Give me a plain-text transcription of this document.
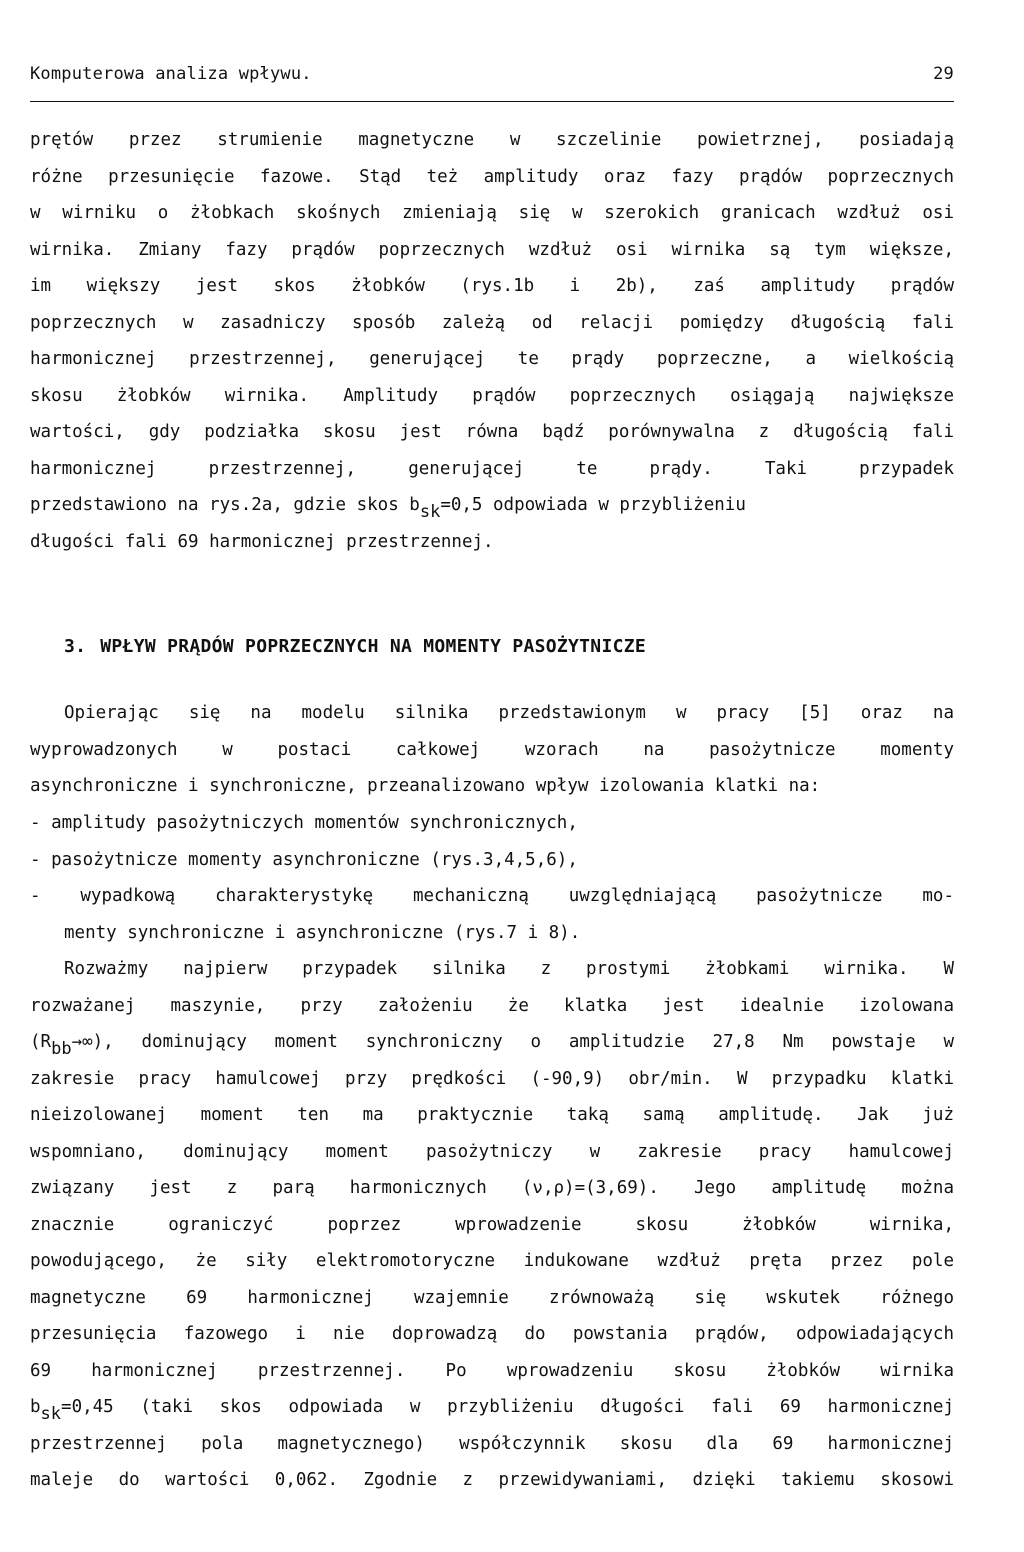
Komputerowa analiza wpływu.	29
prętów przez strumienie magnetyczne w szczelinie powietrznej, posiadają
różne przesunięcie fazowe. Stąd też amplitudy oraz fazy prądów poprzecznych
w wirniku o żłobkach skośnych zmieniają się w szerokich granicach wzdłuż osi
wirnika. Zmiany fazy prądów poprzecznych wzdłuż osi wirnika są tym większe,
im większy jest skos żłobków (rys.1b i 2b), zaś amplitudy prądów
poprzecznych w zasadniczy sposób zależą od relacji pomiędzy długością fali
harmonicznej przestrzennej, generującej te prądy poprzeczne, a wielkością
skosu żłobków wirnika. Amplitudy prądów poprzecznych osiągają największe
wartości, gdy podziałka skosu jest równa bądź porównywalna z długością fali
harmonicznej przestrzennej, generującej te prądy. Taki przypadek
przedstawiono na rys.2a, gdzie skos $b_{sk}=0,5$ odpowiada w przybliżeniu
długości fali 69 harmonicznej przestrzennej.
3. WPŁYW PRĄDÓW POPRZECZNYCH NA MOMENTY PASOŻYTNICZE
Opierając się na modelu silnika przedstawionym w pracy [5] oraz na
wyprowadzonych w postaci całkowej wzorach na pasożytnicze momenty
asynchroniczne i synchroniczne, przeanalizowano wpływ izolowania klatki na:
- amplitudy pasożytniczych momentów synchronicznych,
- pasożytnicze momenty asynchroniczne (rys.3,4,5,6),
- wypadkową charakterystykę mechaniczną uwzględniającą pasożytnicze mo-
menty synchroniczne i asynchroniczne (rys.7 i 8).
Rozważmy najpierw przypadek silnika z prostymi żłobkami wirnika. W
rozważanej maszynie, przy założeniu że klatka jest idealnie izolowana
$(R_{bb}\to\infty)$, dominujący moment synchroniczny o amplitudzie 27,8 Nm powstaje w
zakresie pracy hamulcowej przy prędkości (-90,9) obr/min. W przypadku klatki
nieizolowanej moment ten ma praktycznie taką samą amplitudę. Jak już
wspomniano, dominujący moment pasożytniczy w zakresie pracy hamulcowej
związany jest z parą harmonicznych (ν,ρ)=(3,69). Jego amplitudę można
znacznie ograniczyć poprzez wprowadzenie skosu żłobków wirnika,
powodującego, że siły elektromotoryczne indukowane wzdłuż pręta przez pole
magnetyczne 69 harmonicznej wzajemnie zrównoważą się wskutek różnego
przesunięcia fazowego i nie doprowadzą do powstania prądów, odpowiadających
69 harmonicznej przestrzennej. Po wprowadzeniu skosu żłobków wirnika
$b_{sk}=0,45$ (taki skos odpowiada w przybliżeniu długości fali 69 harmonicznej
przestrzennej pola magnetycznego) współczynnik skosu dla 69 harmonicznej
maleje do wartości 0,062. Zgodnie z przewidywaniami, dzięki takiemu skosowi
